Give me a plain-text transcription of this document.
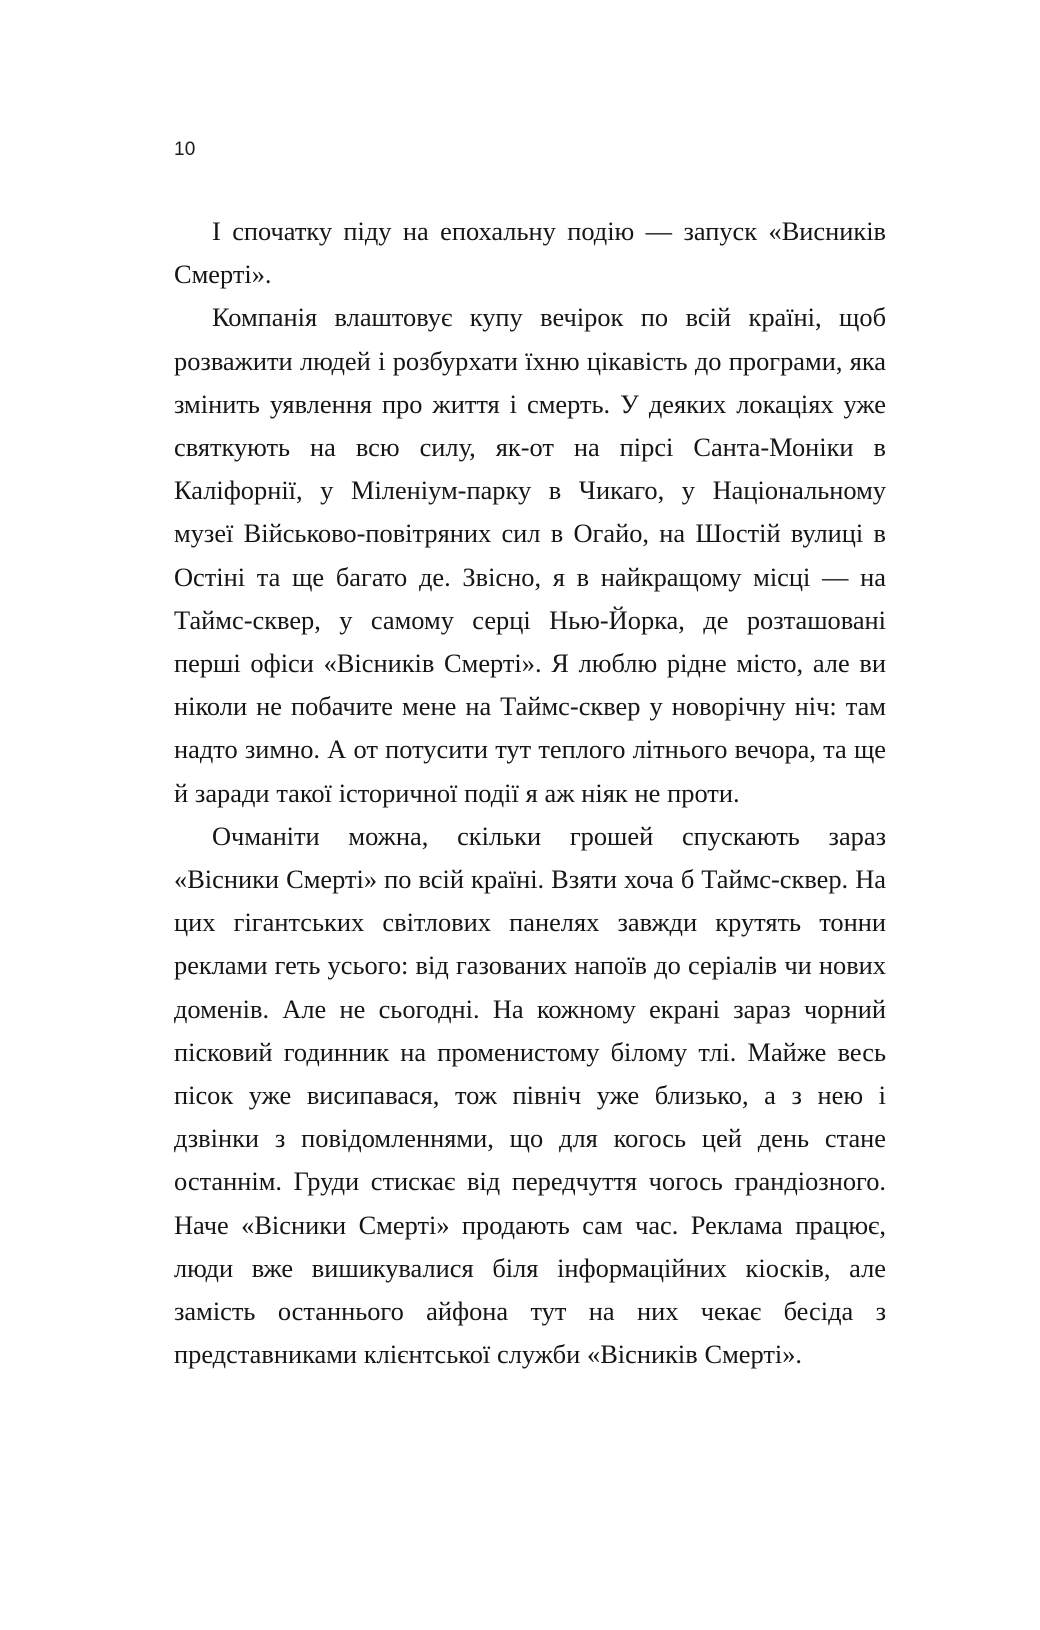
10

І спочатку піду на епохальну подію — запуск «Висників Смерті».

Компанія влаштовує купу вечірок по всій країні, щоб розважити людей і розбурхати їхню цікавість до програми, яка змінить уявлення про життя і смерть. У деяких локаціях уже святкують на всю силу, як-от на пірсі Санта-Моніки в Каліфорнії, у Міленіум-парку в Чикаго, у Національному музеї Військово-повітряних сил в Огайо, на Шостій вулиці в Остіні та ще багато де. Звісно, я в найкращому місці — на Таймс-сквер, у самому серці Нью-Йорка, де розташовані перші офіси «Вісників Смерті». Я люблю рідне місто, але ви ніколи не побачите мене на Таймс-сквер у новорічну ніч: там надто зимно. А от потусити тут теплого літнього вечора, та ще й заради такої історичної події я аж ніяк не проти.

Очманіти можна, скільки грошей спускають зараз «Вісники Смерті» по всій країні. Взяти хоча б Таймс-сквер. На цих гігантських світлових панелях завжди крутять тонни реклами геть усього: від газованих напоїв до серіалів чи нових доменів. Але не сьогодні. На кожному екрані зараз чорний пісковий годинник на променистому білому тлі. Майже весь пісок уже висипавася, тож північ уже близько, а з нею і дзвінки з повідомленнями, що для когось цей день стане останнім. Груди стискає від передчуття чогось грандіозного. Наче «Вісники Смерті» продають сам час. Реклама працює, люди вже вишикувалися біля інформаційних кіосків, але замість останнього айфона тут на них чекає бесіда з представниками клієнтської служби «Вісників Смерті».
